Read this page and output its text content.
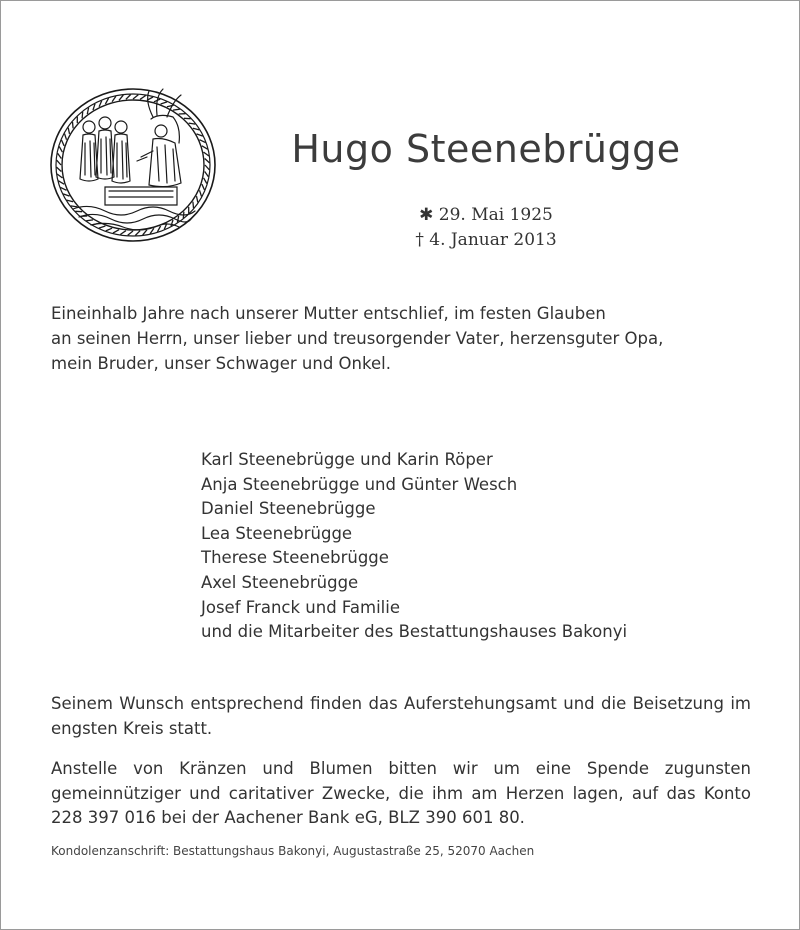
Hugo Steenebrügge
✱ 29. Mai 1925
† 4. Januar 2013
Eineinhalb Jahre nach unserer Mutter entschlief, im festen Glauben
an seinen Herrn, unser lieber und treusorgender Vater, herzensguter Opa,
mein Bruder, unser Schwager und Onkel.
Karl Steenebrügge und Karin Röper
Anja Steenebrügge und Günter Wesch
Daniel Steenebrügge
Lea Steenebrügge
Therese Steenebrügge
Axel Steenebrügge
Josef Franck und Familie
und die Mitarbeiter des Bestattungshauses Bakonyi
Seinem Wunsch entsprechend finden das Auferstehungsamt und die Beisetzung im engsten Kreis statt.
Anstelle von Kränzen und Blumen bitten wir um eine Spende zugunsten gemeinnütziger und caritativer Zwecke, die ihm am Herzen lagen, auf das Konto 228 397 016 bei der Aachener Bank eG, BLZ 390 601 80.
Kondolenzanschrift: Bestattungshaus Bakonyi, Augustastraße 25, 52070 Aachen
